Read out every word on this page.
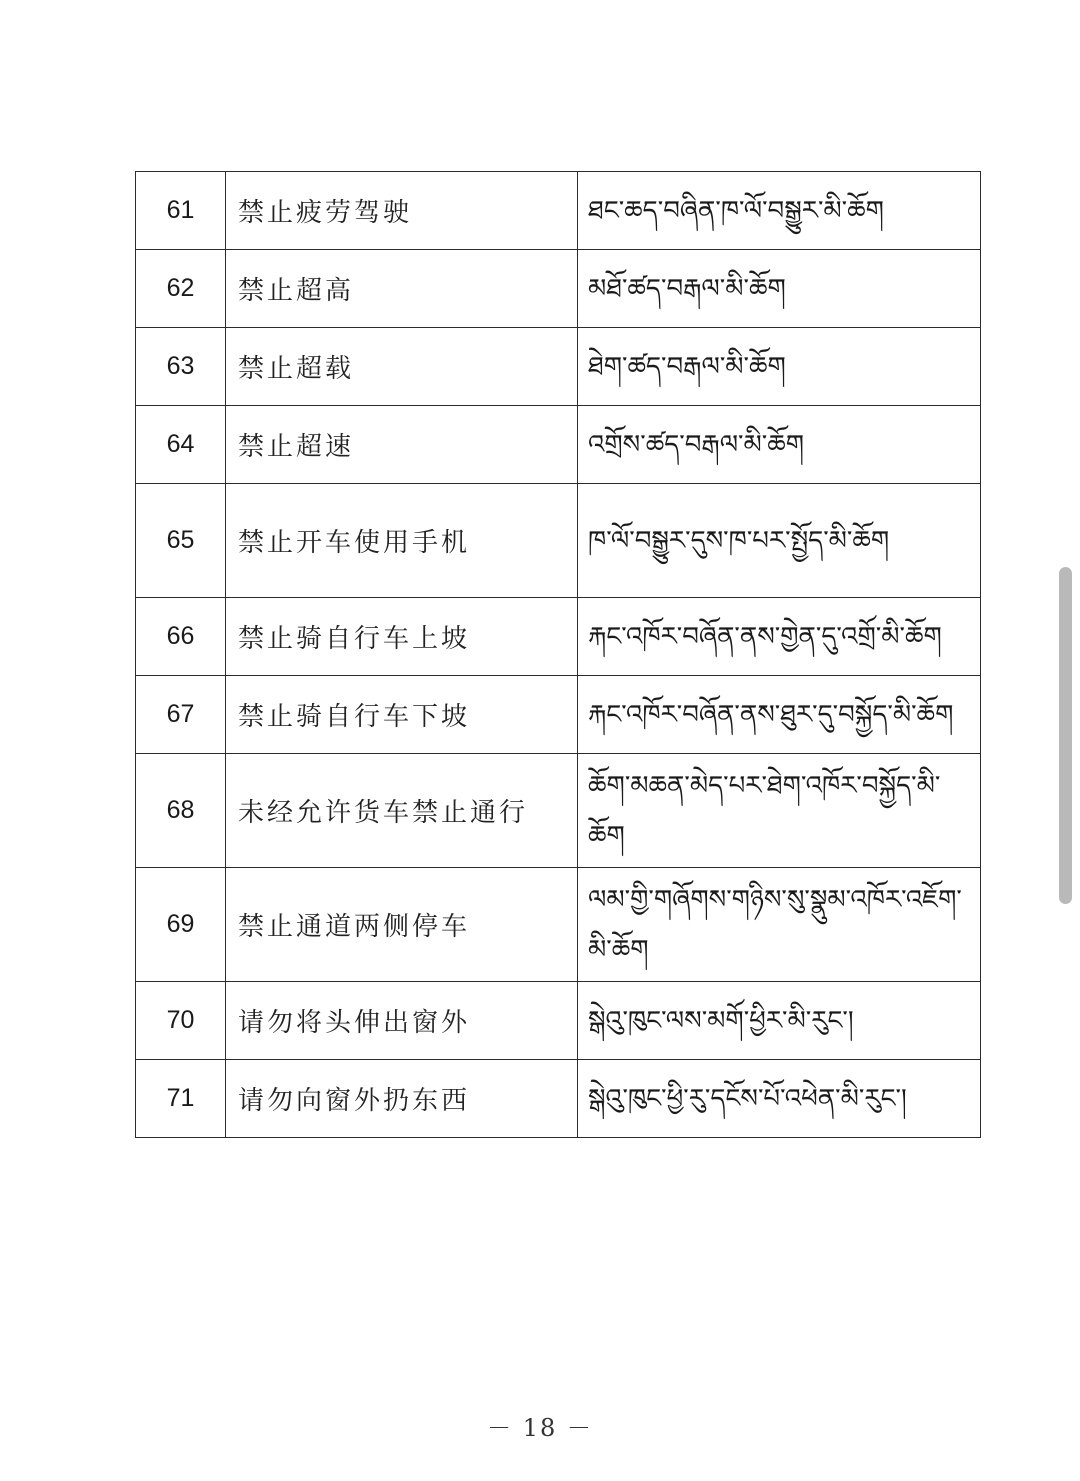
61	禁止疲劳驾驶	ཐང་ཆད་བཞིན་ཁ་ལོ་བསྒྱུར་མི་ཆོག
62	禁止超高	མཐོ་ཚད་བརྒལ་མི་ཆོག
63	禁止超载	ཐེག་ཚད་བརྒལ་མི་ཆོག
64	禁止超速	འགྲོས་ཚད་བརྒལ་མི་ཆོག
65	禁止开车使用手机	ཁ་ལོ་བསྒྱུར་དུས་ཁ་པར་སྤྱོད་མི་ཆོག
66	禁止骑自行车上坡	རྐང་འཁོར་བཞོན་ནས་གྱེན་དུ་འགྲོ་མི་ཆོག
67	禁止骑自行车下坡	རྐང་འཁོར་བཞོན་ནས་ཐུར་དུ་བསྐྱོད་མི་ཆོག
68	未经允许货车禁止通行	ཆོག་མཆན་མེད་པར་ཐེག་འཁོར་བསྐྱོད་མི་ཆོག
69	禁止通道两侧停车	ལམ་གྱི་གཞོགས་གཉིས་སུ་སྣུམ་འཁོར་འཇོག་མི་ཆོག
70	请勿将头伸出窗外	སྒེའུ་ཁུང་ལས་མགོ་ཕྱིར་མི་རུང་།
71	请勿向窗外扔东西	སྒེའུ་ཁུང་ཕྱི་རུ་དངོས་པོ་འཕེན་མི་རུང་།
－ 18 －
